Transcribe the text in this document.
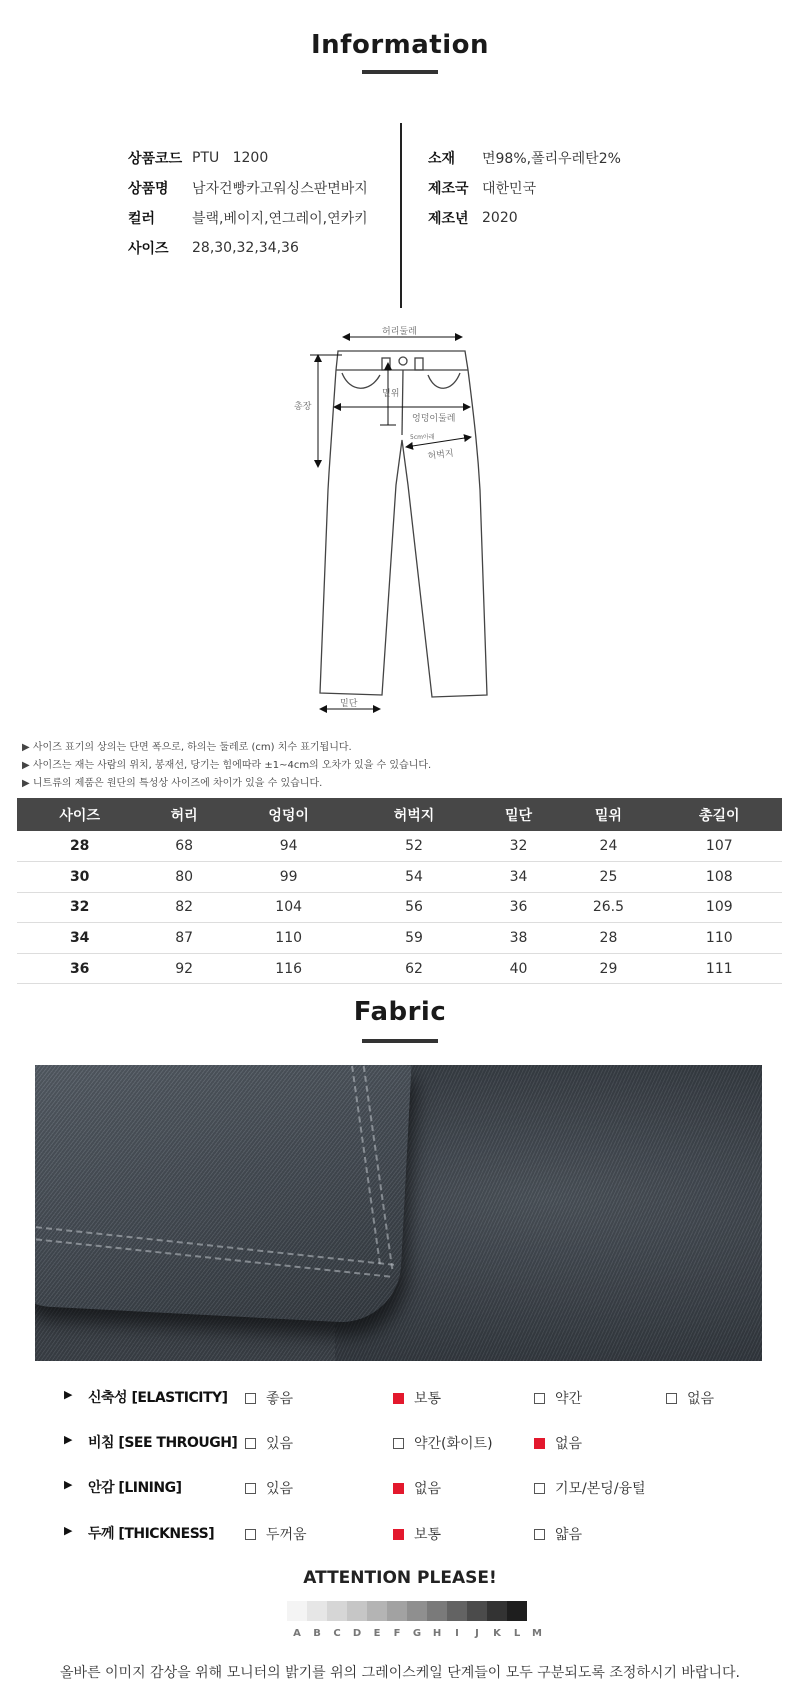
Information
상품코드 PTU   1200
상품명	남자건빵카고워싱스판면바지
컬러	블랙,베이지,연그레이,연카키
사이즈	28,30,32,34,36
소재	면98%,폴리우레탄2%
제조국 대한민국
제조년 2020
허리둘레
밑위
총장
엉덩이둘레
5cm아래
허벅지
밑단
▶ 사이즈 표기의 상의는 단면 폭으로, 하의는 둘레로 (cm) 치수 표기됩니다.
▶ 사이즈는 재는 사람의 위치, 봉재선, 당기는 힘에따라 ±1~4cm의 오차가 있을 수 있습니다.
▶ 니트류의 제품은 원단의 특성상 사이즈에 차이가 있을 수 있습니다.
사이즈	허리	엉덩이	허벅지	밑단	밑위	총길이
28	68	94	52	32	24	107
30	80	99	54	34	25	108
32	82	104	56	36	26.5	109
34	87	110	59	38	28	110
36	92	116	62	40	29	111
Fabric
▶ 신축성 [ELASTICITY]	좋음	보통	약간	없음
▶ 비침 [SEE THROUGH] 있음	약간(화이트)	없음
▶ 안감 [LINING]	있음	없음	기모/본딩/융털
▶ 두께 [THICKNESS]	두꺼움	보통	얇음
ATTENTION PLEASE!
A	B	C	D	E	F	G	H	I	J	K	L	M
올바른 이미지 감상을 위해 모니터의 밝기를 위의 그레이스케일 단계들이 모두 구분되도록 조정하시기 바랍니다.
